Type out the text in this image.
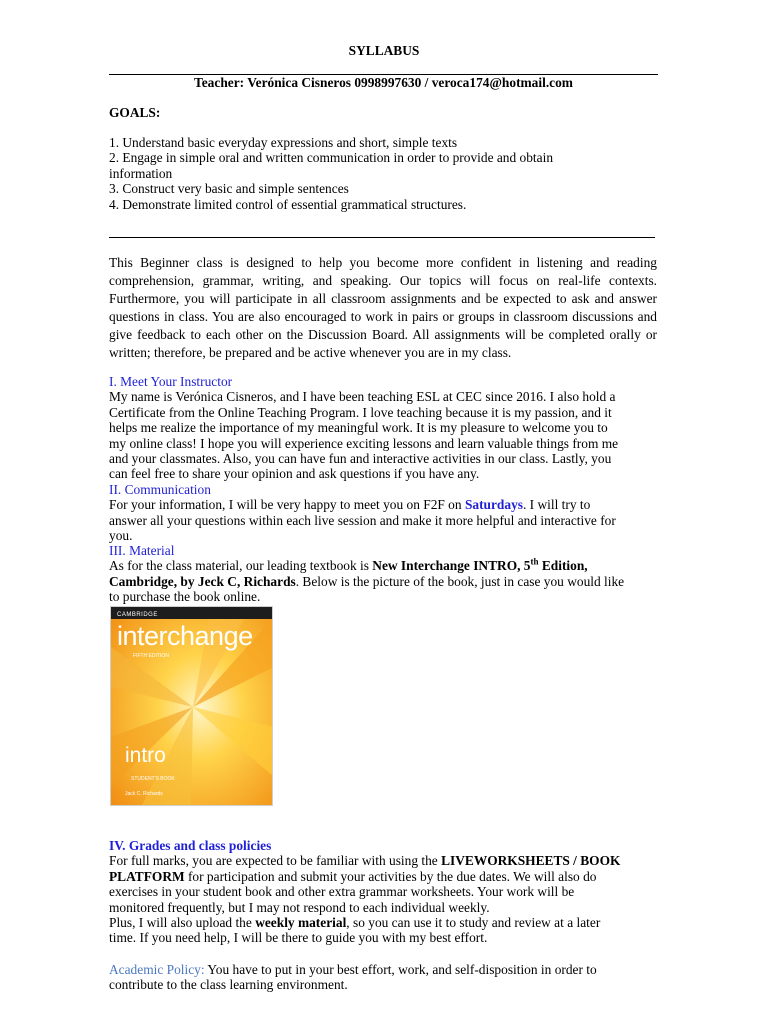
SYLLABUS
Teacher: Verónica Cisneros 0998997630 / veroca174@hotmail.com
GOALS:
1. Understand basic everyday expressions and short, simple texts
2. Engage in simple oral and written communication in order to provide and obtain
information
3. Construct very basic and simple sentences
4. Demonstrate limited control of essential grammatical structures.
This Beginner class is designed to help you become more confident in listening and reading comprehension, grammar, writing, and speaking. Our topics will focus on real-life contexts. Furthermore, you will participate in all classroom assignments and be expected to ask and answer questions in class. You are also encouraged to work in pairs or groups in classroom discussions and give feedback to each other on the Discussion Board. All assignments will be completed orally or written; therefore, be prepared and be active whenever you are in my class.
I. Meet Your Instructor
My name is Verónica Cisneros, and I have been teaching ESL at CEC since 2016. I also hold a
Certificate from the Online Teaching Program. I love teaching because it is my passion, and it
helps me realize the importance of my meaningful work. It is my pleasure to welcome you to
my online class! I hope you will experience exciting lessons and learn valuable things from me
and your classmates. Also, you can have fun and interactive activities in our class. Lastly, you
can feel free to share your opinion and ask questions if you have any.
II. Communication
For your information, I will be very happy to meet you on F2F on Saturdays. I will try to
answer all your questions within each live session and make it more helpful and interactive for
you.
III. Material
As for the class material, our leading textbook is New Interchange INTRO, 5th Edition,
Cambridge, by Jeck C, Richards. Below is the picture of the book, just in case you would like
to purchase the book online.
CAMBRIDGE
interchange
FIFTH EDITION
intro
STUDENT'S BOOK
Jack C. Richards
IV. Grades and class policies
For full marks, you are expected to be familiar with using the LIVEWORKSHEETS / BOOK
PLATFORM for participation and submit your activities by the due dates. We will also do
exercises in your student book and other extra grammar worksheets. Your work will be
monitored frequently, but I may not respond to each individual weekly.
Plus, I will also upload the weekly material, so you can use it to study and review at a later
time. If you need help, I will be there to guide you with my best effort.
Academic Policy: You have to put in your best effort, work, and self-disposition in order to
contribute to the class learning environment.
